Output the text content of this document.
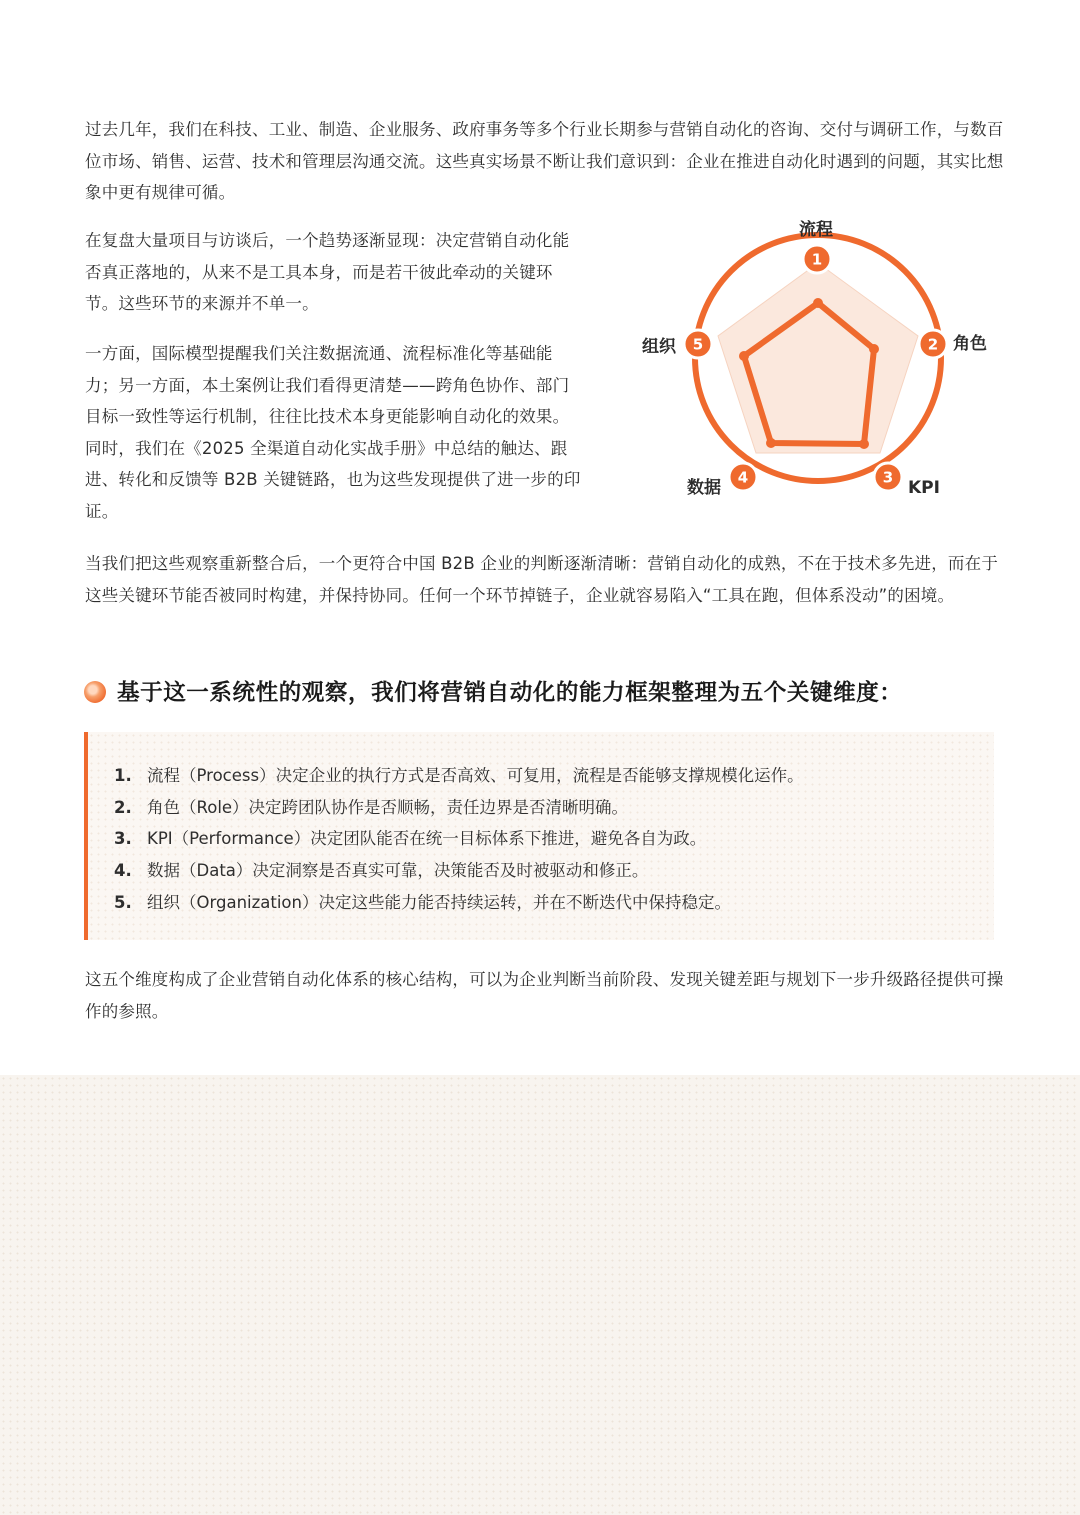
过去几年，我们在科技、工业、制造、企业服务、政府事务等多个行业长期参与营销自动化的咨询、交付与调研工作，与数百位市场、销售、运营、技术和管理层沟通交流。这些真实场景不断让我们意识到：企业在推进自动化时遇到的问题，其实比想象中更有规律可循。

在复盘大量项目与访谈后，一个趋势逐渐显现：决定营销自动化能否真正落地的，从来不是工具本身，而是若干彼此牵动的关键环节。这些环节的来源并不单一。

一方面，国际模型提醒我们关注数据流通、流程标准化等基础能力；另一方面，本土案例让我们看得更清楚——跨角色协作、部门目标一致性等运行机制，往往比技术本身更能影响自动化的效果。同时，我们在《2025 全渠道自动化实战手册》中总结的触达、跟进、转化和反馈等 B2B 关键链路，也为这些发现提供了进一步的印证。

1
2
3
4
5
流程
角色
KPI
数据
组织

当我们把这些观察重新整合后，一个更符合中国 B2B 企业的判断逐渐清晰：营销自动化的成熟，不在于技术多先进，而在于这些关键环节能否被同时构建，并保持协同。任何一个环节掉链子，企业就容易陷入“工具在跑，但体系没动”的困境。

基于这一系统性的观察，我们将营销自动化的能力框架整理为五个关键维度：
1. 流程（Process）决定企业的执行方式是否高效、可复用，流程是否能够支撑规模化运作。
2. 角色（Role）决定跨团队协作是否顺畅，责任边界是否清晰明确。
3. KPI（Performance）决定团队能否在统一目标体系下推进，避免各自为政。
4. 数据（Data）决定洞察是否真实可靠，决策能否及时被驱动和修正。
5. 组织（Organization）决定这些能力能否持续运转，并在不断迭代中保持稳定。

这五个维度构成了企业营销自动化体系的核心结构，可以为企业判断当前阶段、发现关键差距与规划下一步升级路径提供可操作的参照。
